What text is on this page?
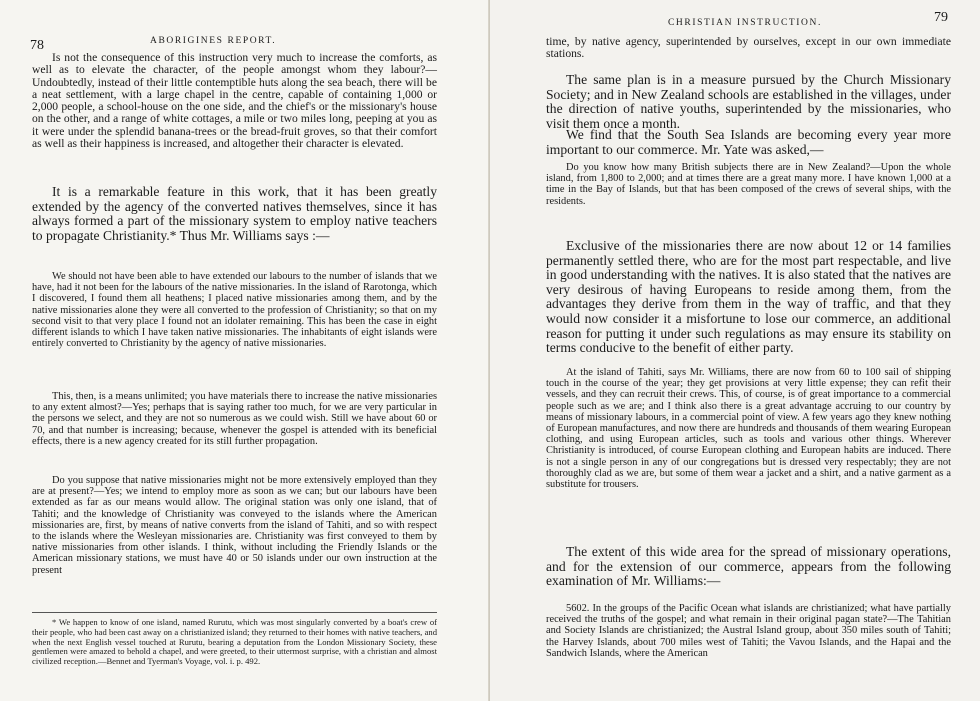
78	ABORIGINES REPORT.

Is not the consequence of this instruction very much to increase the comforts, as well as to elevate the character, of the people amongst whom they labour?—Undoubtedly, instead of their little contemptible huts along the sea beach, there will be a neat settlement, with a large chapel in the centre, capable of containing 1,000 or 2,000 people, a school-house on the one side, and the chief's or the missionary's house on the other, and a range of white cottages, a mile or two miles long, peeping at you as it were under the splendid banana-trees or the bread-fruit groves, so that their comfort as well as their happiness is increased, and altogether their character is elevated.

It is a remarkable feature in this work, that it has been greatly extended by the agency of the converted natives themselves, since it has always formed a part of the missionary system to employ native teachers to propagate Christianity.* Thus Mr. Williams says :—

We should not have been able to have extended our labours to the number of islands that we have, had it not been for the labours of the native missionaries. In the island of Rarotonga, which I discovered, I found them all heathens; I placed native missionaries among them, and by the native missionaries alone they were all converted to the profession of Christianity; so that on my second visit to that very place I found not an idolater remaining. This has been the case in eight different islands to which I have taken native missionaries. The inhabitants of eight islands were entirely converted to Christianity by the agency of native missionaries.

This, then, is a means unlimited; you have materials there to increase the native missionaries to any extent almost?—Yes; perhaps that is saying rather too much, for we are very particular in the persons we select, and they are not so numerous as we could wish. Still we have about 60 or 70, and that number is increasing; because, whenever the gospel is attended with its beneficial effects, there is a new agency created for its still further propagation.

Do you suppose that native missionaries might not be more extensively employed than they are at present?—Yes; we intend to employ more as soon as we can; but our labours have been extended as far as our means would allow. The original station was only one island, that of Tahiti; and the knowledge of Christianity was conveyed to the islands where the American missionaries are, first, by means of native converts from the island of Tahiti, and so with respect to the islands where the Wesleyan missionaries are. Christianity was first conveyed to them by native missionaries from other islands. I think, without including the Friendly Islands or the American missionary stations, we must have 40 or 50 islands under our own instruction at the present

* We happen to know of one island, named Rurutu, which was most singularly converted by a boat's crew of their people, who had been cast away on a christianized island; they returned to their homes with native teachers, and when the next English vessel touched at Rurutu, bearing a deputation from the London Missionary Society, these gentlemen were amazed to behold a chapel, and were greeted, to their uttermost surprise, with a christian and almost civilized reception.—Bennet and Tyerman's Voyage, vol. i. p. 492.

CHRISTIAN INSTRUCTION.	79

time, by native agency, superintended by ourselves, except in our own immediate stations.

The same plan is in a measure pursued by the Church Missionary Society; and in New Zealand schools are established in the villages, under the direction of native youths, superintended by the missionaries, who visit them once a month.

We find that the South Sea Islands are becoming every year more important to our commerce. Mr. Yate was asked,—

Do you know how many British subjects there are in New Zealand?—Upon the whole island, from 1,800 to 2,000; and at times there are a great many more. I have known 1,000 at a time in the Bay of Islands, but that has been composed of the crews of several ships, with the residents.

Exclusive of the missionaries there are now about 12 or 14 families permanently settled there, who are for the most part respectable, and live in good understanding with the natives. It is also stated that the natives are very desirous of having Europeans to reside among them, from the advantages they derive from them in the way of traffic, and that they would now consider it a misfortune to lose our commerce, an additional reason for putting it under such regulations as may ensure its stability on terms conducive to the benefit of either party.

At the island of Tahiti, says Mr. Williams, there are now from 60 to 100 sail of shipping touch in the course of the year; they get provisions at very little expense; they can refit their vessels, and they can recruit their crews. This, of course, is of great importance to a commercial people such as we are; and I think also there is a great advantage accruing to our country by means of missionary labours, in a commercial point of view. A few years ago they knew nothing of European manufactures, and now there are hundreds and thousands of them wearing European clothing, and using European articles, such as tools and various other things. Wherever Christianity is introduced, of course European clothing and European habits are induced. There is not a single person in any of our congregations but is dressed very respectably; they are not thoroughly clad as we are, but some of them wear a jacket and a shirt, and a native garment as a substitute for trousers.

The extent of this wide area for the spread of missionary operations, and for the extension of our commerce, appears from the following examination of Mr. Williams:—

5602. In the groups of the Pacific Ocean what islands are christianized; what have partially received the truths of the gospel; and what remain in their original pagan state?—The Tahitian and Society Islands are christianized; the Austral Island group, about 350 miles south of Tahiti; the Harvey Islands, about 700 miles west of Tahiti; the Vavou Islands, and the Hapai and the Sandwich Islands, where the American
